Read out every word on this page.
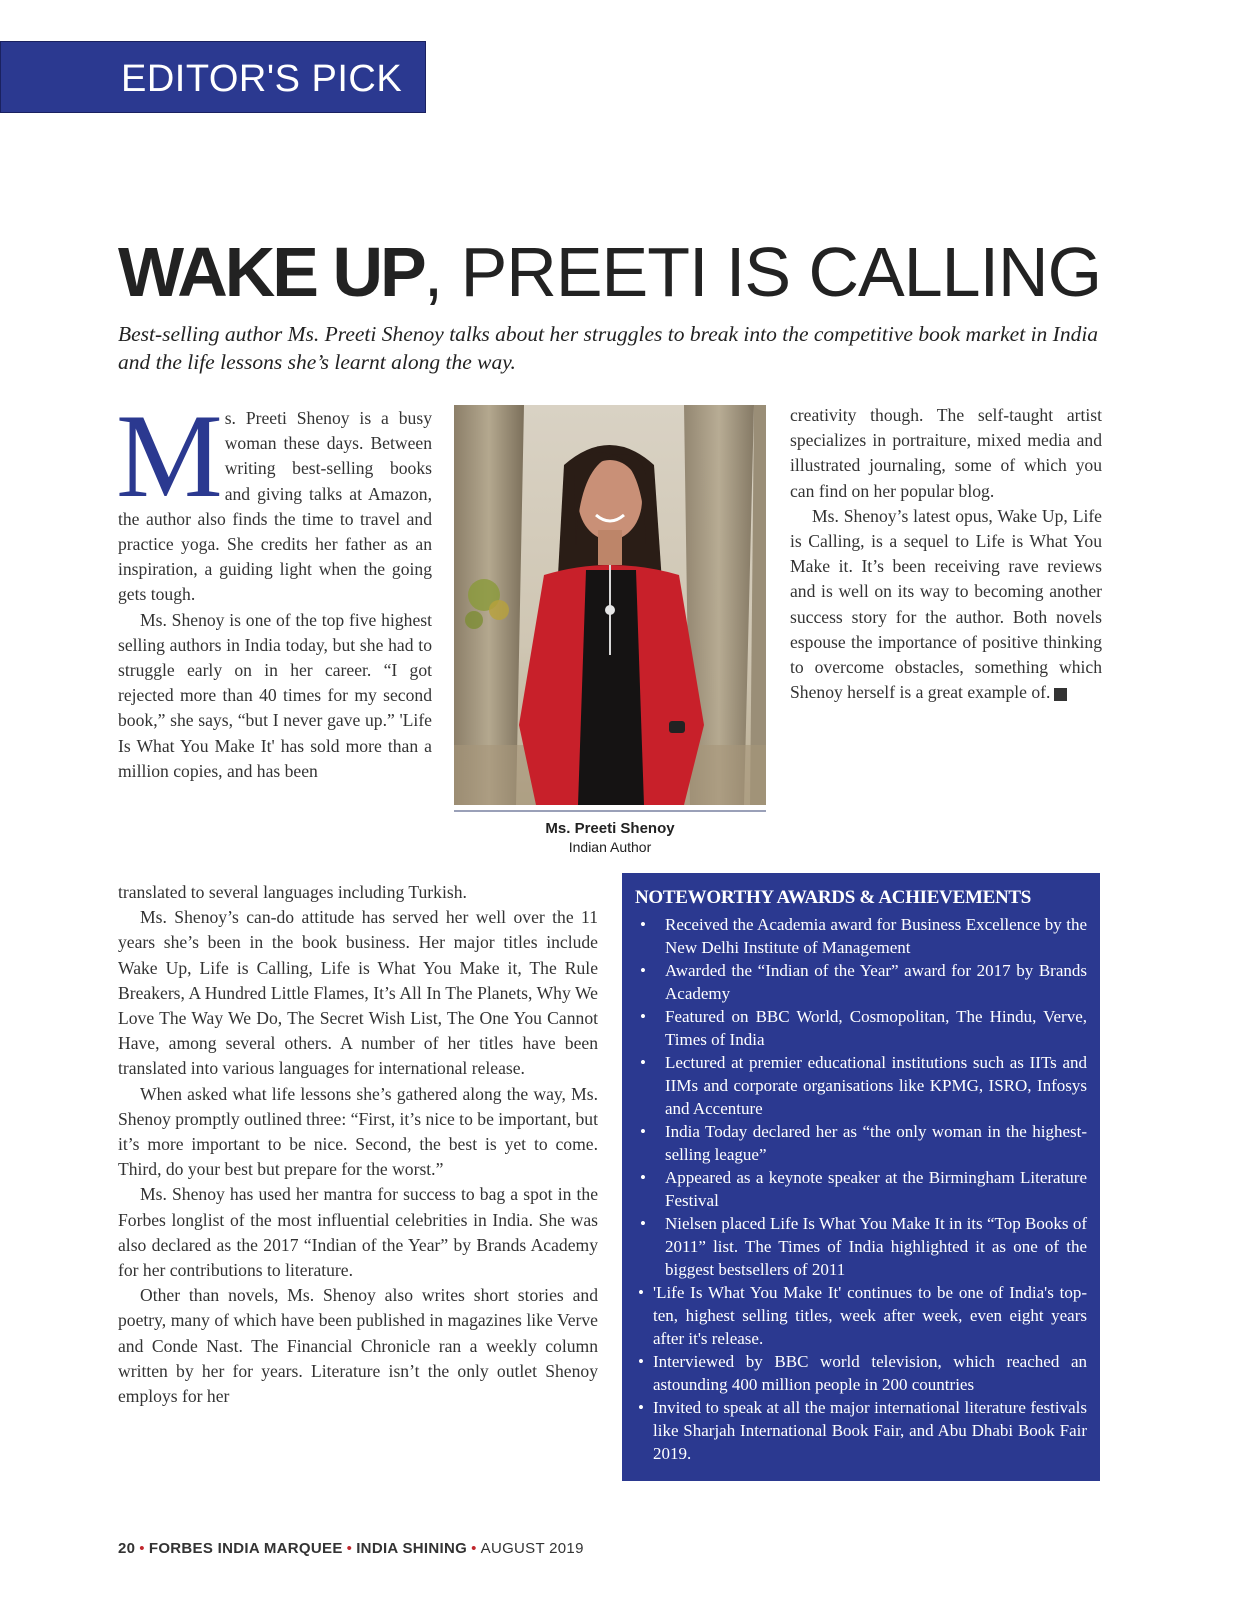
EDITOR'S PICK
WAKE UP, PREETI IS CALLING
Best-selling author Ms. Preeti Shenoy talks about her struggles to break into the competitive book market in India and the life lessons she’s learnt along the way.

Ms. Preeti Shenoy is a busy woman these days. Between writing best-selling books and giving talks at Amazon, the author also finds the time to travel and practice yoga. She credits her father as an inspiration, a guiding light when the going gets tough.

Ms. Shenoy is one of the top five highest selling authors in India today, but she had to struggle early on in her career. “I got rejected more than 40 times for my second book,” she says, “but I never gave up.” 'Life Is What You Make It' has sold more than a million copies, and has been

translated to several languages including Turkish.

Ms. Shenoy’s can-do attitude has served her well over the 11 years she’s been in the book business. Her major titles include Wake Up, Life is Calling, Life is What You Make it, The Rule Breakers, A Hundred Little Flames, It’s All In The Planets, Why We Love The Way We Do, The Secret Wish List, The One You Cannot Have, among several others. A number of her titles have been translated into various languages for international release.

When asked what life lessons she’s gathered along the way, Ms. Shenoy promptly outlined three: “First, it’s nice to be important, but it’s more important to be nice. Second, the best is yet to come. Third, do your best but prepare for the worst.”

Ms. Shenoy has used her mantra for success to bag a spot in the Forbes longlist of the most influential celebrities in India. She was also declared as the 2017 “Indian of the Year” by Brands Academy for her contributions to literature.

Other than novels, Ms. Shenoy also writes short stories and poetry, many of which have been published in magazines like Verve and Conde Nast. The Financial Chronicle ran a weekly column written by her for years. Literature isn’t the only outlet Shenoy employs for her

Ms. Preeti Shenoy
Indian Author

creativity though. The self-taught artist specializes in portraiture, mixed media and illustrated journaling, some of which you can find on her popular blog.

Ms. Shenoy’s latest opus, Wake Up, Life is Calling, is a sequel to Life is What You Make it. It’s been receiving rave reviews and is well on its way to becoming another success story for the author. Both novels espouse the importance of positive thinking to overcome obstacles, something which Shenoy herself is a great example of. F

NOTEWORTHY AWARDS & ACHIEVEMENTS
• Received the Academia award for Business Excellence by the New Delhi Institute of Management
• Awarded the “Indian of the Year” award for 2017 by Brands Academy
• Featured on BBC World, Cosmopolitan, The Hindu, Verve, Times of India
• Lectured at premier educational institutions such as IITs and IIMs and corporate organisations like KPMG, ISRO, Infosys and Accenture
• India Today declared her as “the only woman in the highest-selling league”
• Appeared as a keynote speaker at the Birmingham Literature Festival
• Nielsen placed Life Is What You Make It in its “Top Books of 2011” list. The Times of India highlighted it as one of the biggest bestsellers of 2011
• 'Life Is What You Make It' continues to be one of India's top-ten, highest selling titles, week after week, even eight years after it's release.
• Interviewed by BBC world television, which reached an astounding 400 million people in 200 countries
• Invited to speak at all the major international literature festivals like Sharjah International Book Fair, and Abu Dhabi Book Fair 2019.
20 • FORBES INDIA MARQUEE • INDIA SHINING • AUGUST 2019
